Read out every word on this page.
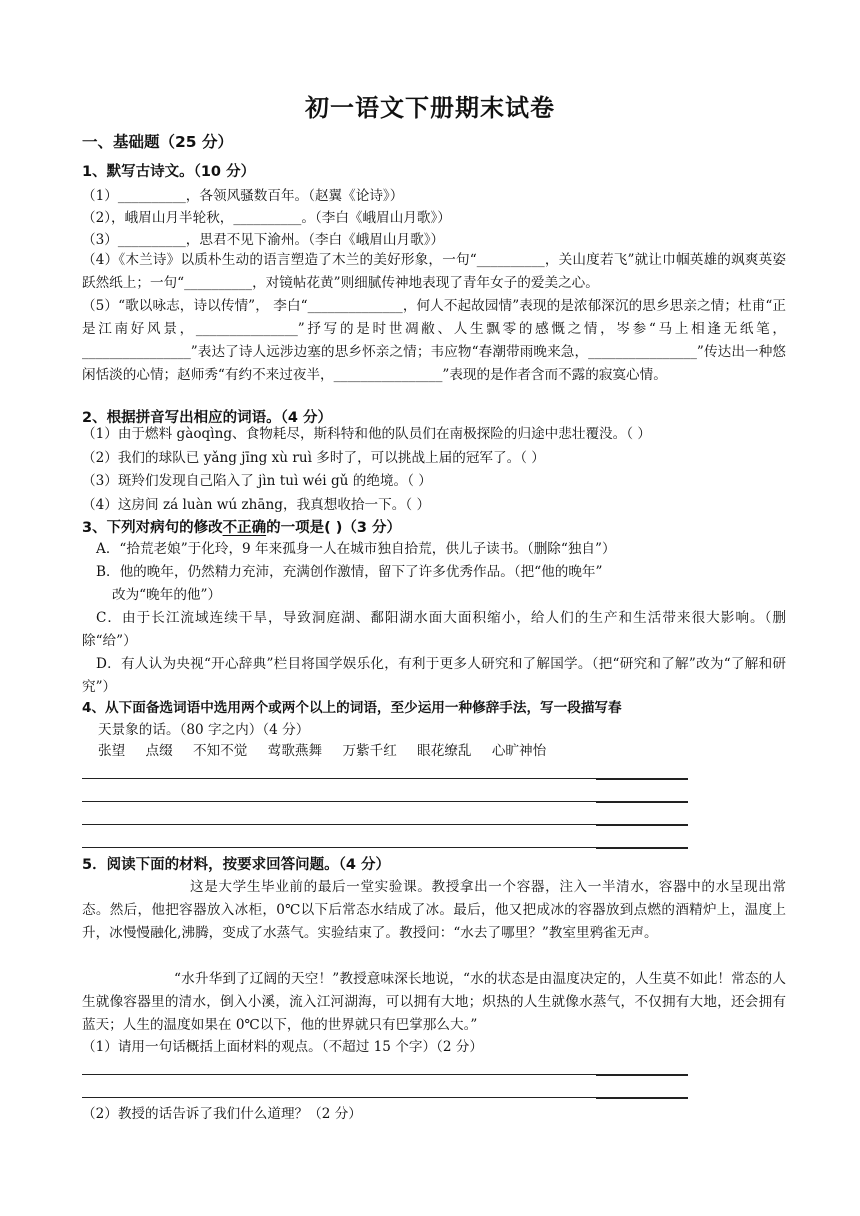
初一语文下册期末试卷
一、基础题（25 分）
1、默写古诗文。（10 分）
（1）__________，各领风骚数百年。（赵翼《论诗》）
（2），峨眉山月半轮秋，__________。（李白《峨眉山月歌》）
（3）__________，思君不见下渝州。（李白《峨眉山月歌》）
（4）《木兰诗》以质朴生动的语言塑造了木兰的美好形象，一句“__________，关山度若飞”就让巾帼英雄的飒爽英姿跃然纸上；一句“__________，对镜帖花黄”则细腻传神地表现了青年女子的爱美之心。
（5）“歌以咏志，诗以传情”， 李白“______________，何人不起故园情”表现的是浓郁深沉的思乡思亲之情；杜甫“正是江南好风景，_______________”抒写的是时世凋敝、人生飘零的感慨之情，岑参“马上相逢无纸笔，________________”表达了诗人远涉边塞的思乡怀亲之情；韦应物“春潮带雨晚来急，________________”传达出一种悠闲恬淡的心情；赵师秀“有约不来过夜半，________________”表现的是作者含而不露的寂寞心情。
2、根据拼音写出相应的词语。（4 分）
（1）由于燃料 gàoqìng、食物耗尽，斯科特和他的队员们在南极探险的归途中悲壮覆没。（ ）
（2）我们的球队已 yǎng jīng xù ruì 多时了，可以挑战上届的冠军了。（ ）
（3）斑羚们发现自己陷入了 jìn tuì wéi gǔ 的绝境。（ ）
（4）这房间 zá luàn wú zhāng，我真想收拾一下。（ ）
3、下列对病句的修改不正确的一项是( )（3 分）
A．“拾荒老娘”于化玲，9 年来孤身一人在城市独自拾荒，供儿子读书。（删除“独自”）
B．他的晚年，仍然精力充沛，充满创作激情，留下了许多优秀作品。（把“他的晚年”
改为“晚年的他”）
C．由于长江流域连续干旱，导致洞庭湖、鄱阳湖水面大面积缩小，给人们的生产和生活带来很大影响。（删除“给”）
D．有人认为央视“开心辞典”栏目将国学娱乐化，有利于更多人研究和了解国学。（把“研究和了解”改为“了解和研究”）
4、从下面备选词语中选用两个或两个以上的词语，至少运用一种修辞手法，写一段描写春
天景象的话。（80 字之内）（4 分）
张望 点缀 不知不觉 莺歌燕舞 万紫千红 眼花缭乱 心旷神怡
5．阅读下面的材料，按要求回答问题。（4 分）
这是大学生毕业前的最后一堂实验课。教授拿出一个容器，注入一半清水，容器中的水呈现出常态。然后，他把容器放入冰柜，0℃以下后常态水结成了冰。最后，他又把成冰的容器放到点燃的酒精炉上，温度上升，冰慢慢融化,沸腾，变成了水蒸气。实验结束了。教授问：“水去了哪里？”教室里鸦雀无声。
“水升华到了辽阔的天空！”教授意味深长地说，“水的状态是由温度决定的，人生莫不如此！常态的人生就像容器里的清水，倒入小溪，流入江河湖海，可以拥有大地；炽热的人生就像水蒸气，不仅拥有大地，还会拥有蓝天；人生的温度如果在 0℃以下，他的世界就只有巴掌那么大。”
（1）请用一句话概括上面材料的观点。（不超过 15 个字）（2 分）
（2）教授的话告诉了我们什么道理？（2 分）
